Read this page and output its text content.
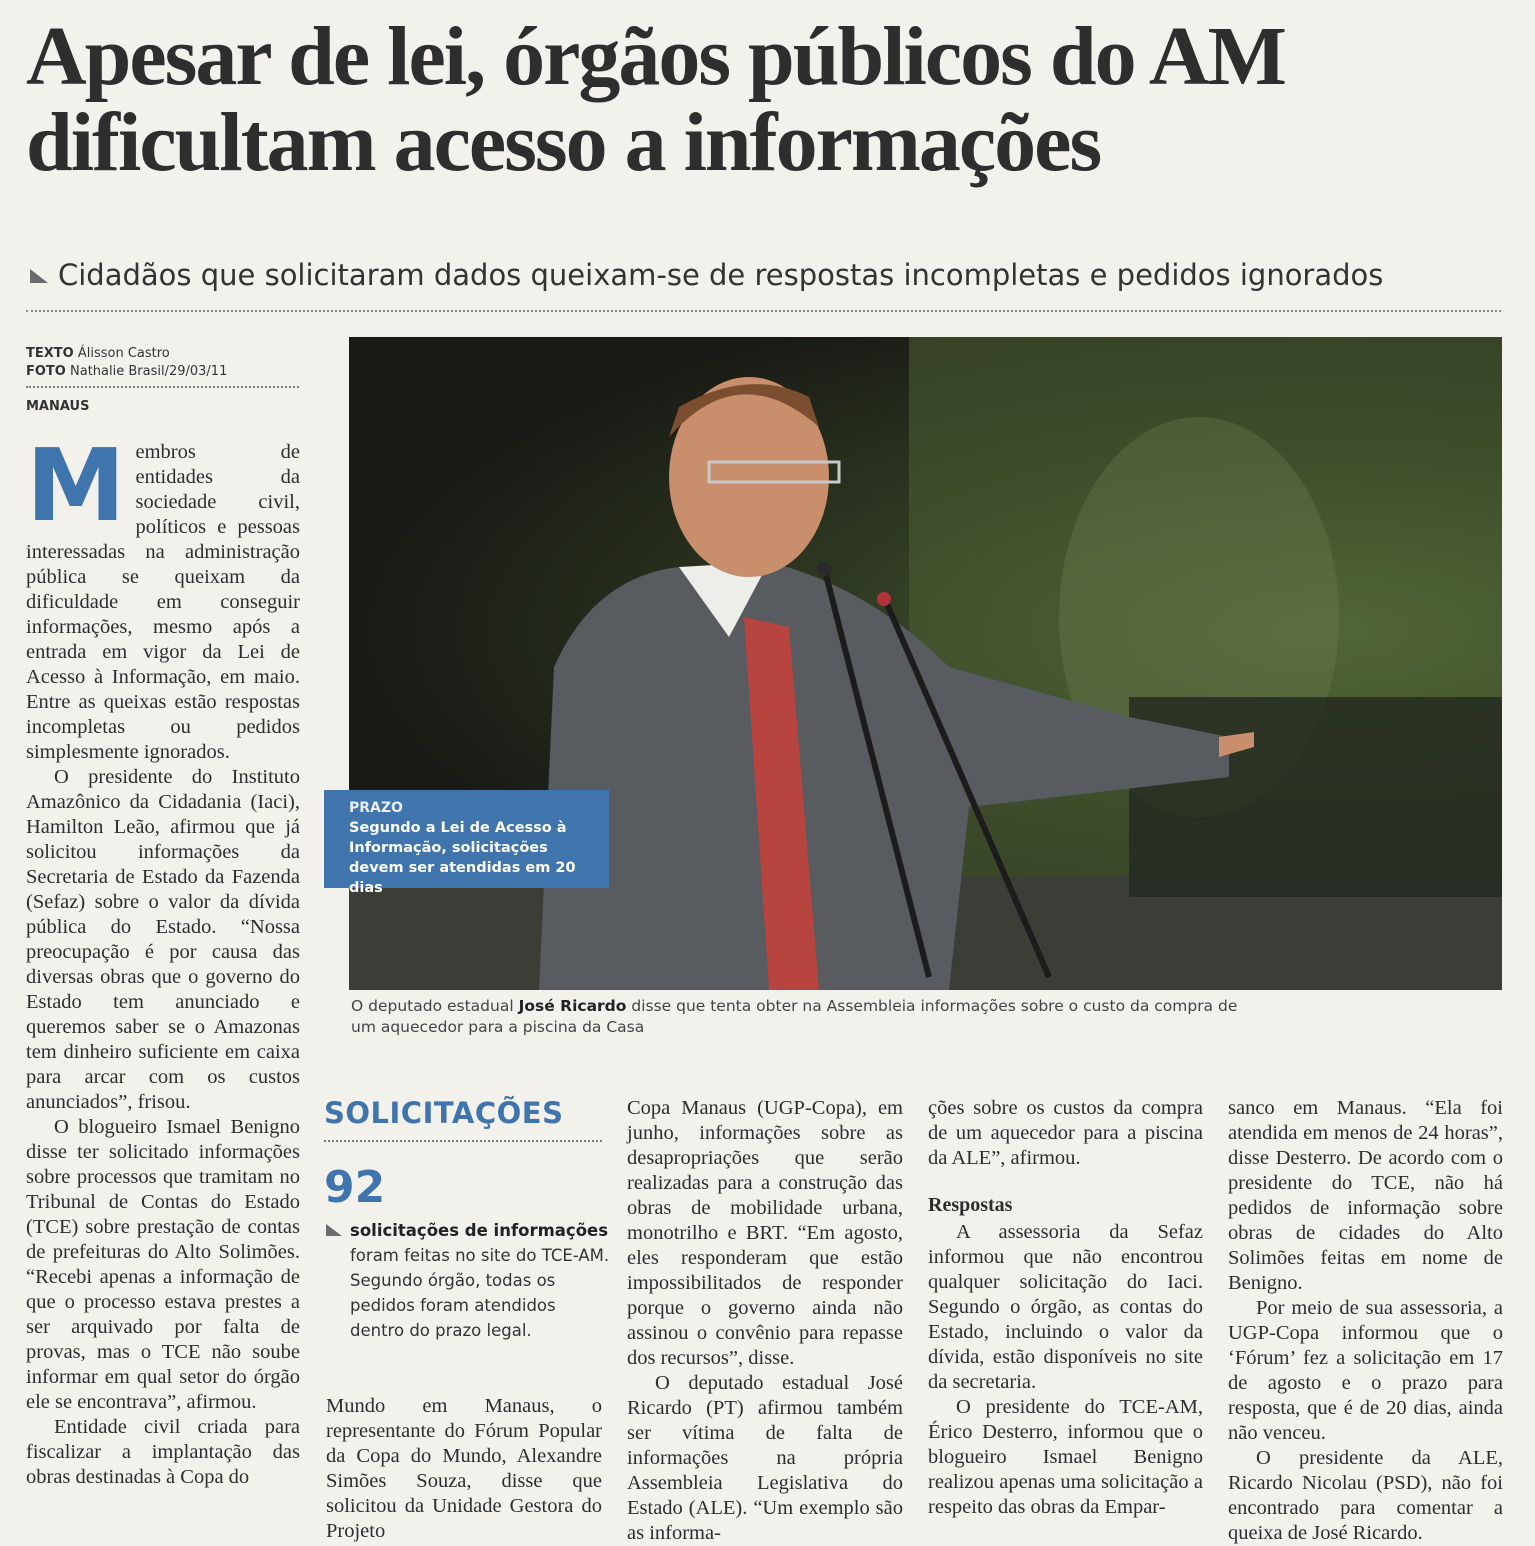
Apesar de lei, órgãos públicos do AM dificultam acesso a informações
Cidadãos que solicitaram dados queixam-se de respostas incompletas e pedidos ignorados
TEXTO Álisson Castro
FOTO Nathalie Brasil/29/03/11
MANAUS
M embros de entidades da sociedade civil, políticos e pessoas interessadas na administração pública se queixam da dificuldade em conseguir informações, mesmo após a entrada em vigor da Lei de Acesso à Informação, em maio. Entre as queixas estão respostas incompletas ou pedidos simplesmente ignorados.

O presidente do Instituto Amazônico da Cidadania (Iaci), Hamilton Leão, afirmou que já solicitou informações da Secretaria de Estado da Fazenda (Sefaz) sobre o valor da dívida pública do Estado. “Nossa preocupação é por causa das diversas obras que o governo do Estado tem anunciado e queremos saber se o Amazonas tem dinheiro suficiente em caixa para arcar com os custos anunciados”, frisou.

O blogueiro Ismael Benigno disse ter solicitado informações sobre processos que tramitam no Tribunal de Contas do Estado (TCE) sobre prestação de contas de prefeituras do Alto Solimões. “Recebi apenas a informação de que o processo estava prestes a ser arquivado por falta de provas, mas o TCE não soube informar em qual setor do órgão ele se encontrava”, afirmou.

Entidade civil criada para fiscalizar a implantação das obras destinadas à Copa do

PRAZO
Segundo a Lei de Acesso à Informação, solicitações devem ser atendidas em 20 dias
O deputado estadual José Ricardo disse que tenta obter na Assembleia informações sobre o custo da compra de um aquecedor para a piscina da Casa
SOLICITAÇÕES
92
solicitações de informações foram feitas no site do TCE-AM. Segundo órgão, todas os pedidos foram atendidos dentro do prazo legal.

Mundo em Manaus, o representante do Fórum Popular da Copa do Mundo, Alexandre Simões Souza, disse que solicitou da Unidade Gestora do Projeto

Copa Manaus (UGP-Copa), em junho, informações sobre as desapropriações que serão realizadas para a construção das obras de mobilidade urbana, monotrilho e BRT. “Em agosto, eles responderam que estão impossibilitados de responder porque o governo ainda não assinou o convênio para repasse dos recursos”, disse.

O deputado estadual José Ricardo (PT) afirmou também ser vítima de falta de informações na própria Assembleia Legislativa do Estado (ALE). “Um exemplo são as informa-

ções sobre os custos da compra de um aquecedor para a piscina da ALE”, afirmou.

Respostas

A assessoria da Sefaz informou que não encontrou qualquer solicitação do Iaci. Segundo o órgão, as contas do Estado, incluindo o valor da dívida, estão disponíveis no site da secretaria.

O presidente do TCE-AM, Érico Desterro, informou que o blogueiro Ismael Benigno realizou apenas uma solicitação a respeito das obras da Empar-

sanco em Manaus. “Ela foi atendida em menos de 24 horas”, disse Desterro. De acordo com o presidente do TCE, não há pedidos de informação sobre obras de cidades do Alto Solimões feitas em nome de Benigno.

Por meio de sua assessoria, a UGP-Copa informou que o ‘Fórum’ fez a solicitação em 17 de agosto e o prazo para resposta, que é de 20 dias, ainda não venceu.

O presidente da ALE, Ricardo Nicolau (PSD), não foi encontrado para comentar a queixa de José Ricardo.
